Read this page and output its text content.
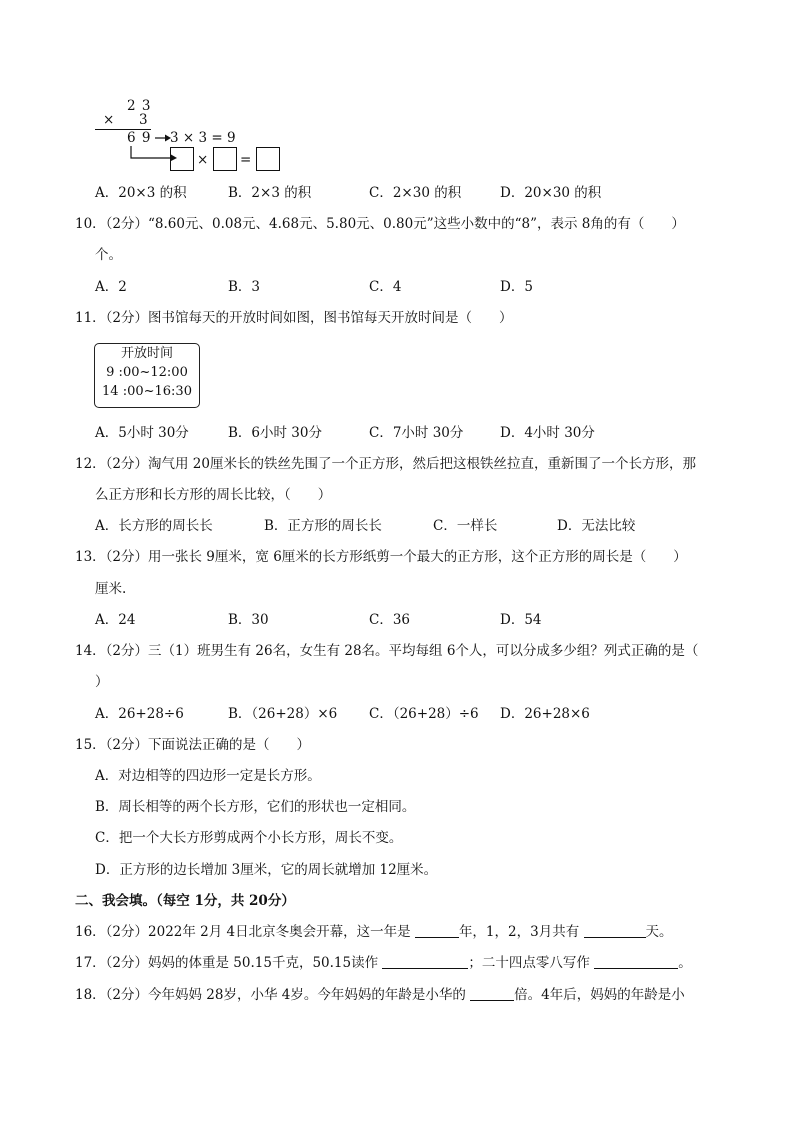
2 3
× 3
6 9 3 × 3 = 9
× =
A．20×3 的积	B．2×3 的积	C．2×30 的积	D．20×30 的积
10．（2分）“8.60元、0.08元、4.68元、5.80元、0.80元”这些小数中的“8”，表示 8角的有（　　）
个。
A．2	B．3	C．4	D．5
11．（2分）图书馆每天的开放时间如图，图书馆每天开放时间是（　　）
开放时间
9 :00~12:00
14 :00~16:30
A．5小时 30分	B．6小时 30分	C．7小时 30分	D．4小时 30分
12．（2分）淘气用 20厘米长的铁丝先围了一个正方形，然后把这根铁丝拉直，重新围了一个长方形，那
么正方形和长方形的周长比较，（　　）
A．长方形的周长长	B．正方形的周长长	C．一样长	D．无法比较
13．（2分）用一张长 9厘米，宽 6厘米的长方形纸剪一个最大的正方形，这个正方形的周长是（　　）
厘米.
A．24	B．30	C．36	D．54
14．（2分）三（1）班男生有 26名，女生有 28名。平均每组 6个人，可以分成多少组？列式正确的是（
）
A．26+28÷6	B．（26+28）×6 C．（26+28）÷6 D．26+28×6
15．（2分）下面说法正确的是（　　）
A．对边相等的四边形一定是长方形。
B．周长相等的两个长方形，它们的形状也一定相同。
C．把一个大长方形剪成两个小长方形，周长不变。
D．正方形的边长增加 3厘米，它的周长就增加 12厘米。
二、我会填。（每空 1分，共 20分）
16．（2分）2022年 2月 4日北京冬奥会开幕，这一年是	年，1，2，3月共有	天。
17．（2分）妈妈的体重是 50.15千克，50.15读作	；二十四点零八写作	。
18．（2分）今年妈妈 28岁，小华 4岁。今年妈妈的年龄是小华的	倍。4年后，妈妈的年龄是小
